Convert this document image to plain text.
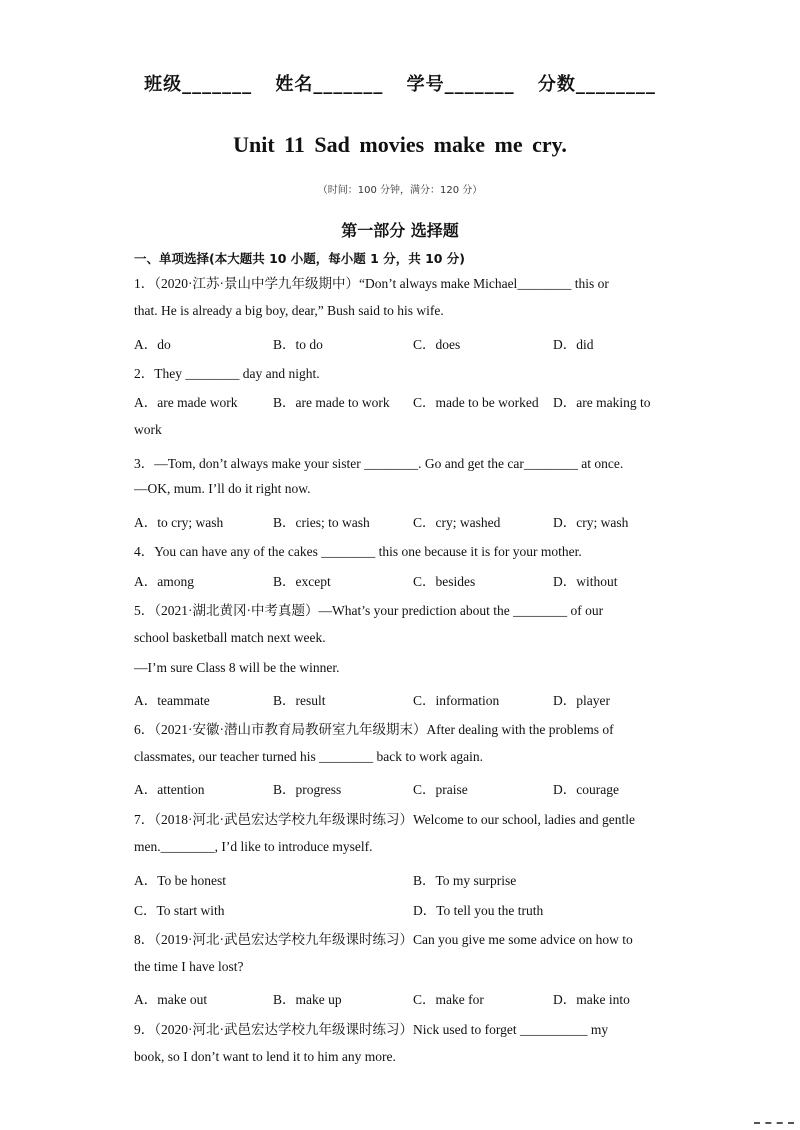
班级_______ 姓名_______ 学号_______ 分数________
Unit 11 Sad movies make me cry.
（时间：100 分钟，满分：120 分）
第一部分 选择题
一、单项选择(本大题共 10 小题，每小题 1 分，共 10 分)
1．（2020·江苏·景山中学九年级期中）“Don’t always make Michael________ this or
that. He is already a big boy, dear,” Bush said to his wife.
A．do	B．to do	C．does	D．did
2．They ________ day and night.
A．are made work	B．are made to work C．made to be worked D．are making to
work
3．—Tom, don’t always make your sister ________. Go and get the car________ at once.
—OK, mum. I’ll do it right now.
A．to cry; wash	B．cries; to wash	C．cry; washed	D．cry; wash
4．You can have any of the cakes ________ this one because it is for your mother.
A．among	B．except	C．besides	D．without
5．（2021·湖北黄冈·中考真题）—What’s your prediction about the ________ of our
school basketball match next week.
—I’m sure Class 8 will be the winner.
A．teammate	B．result	C．information	D．player
6．（2021·安徽·潜山市教育局教研室九年级期末）After dealing with the problems of
classmates, our teacher turned his ________ back to work again.
A．attention	B．progress	C．praise	D．courage
7．（2018·河北·武邑宏达学校九年级课时练习）Welcome to our school, ladies and gentle
men.________, I’d like to introduce myself.
A．To be honest	B．To my surprise
C．To start with	D．To tell you the truth
8．（2019·河北·武邑宏达学校九年级课时练习）Can you give me some advice on how to
the time I have lost?
A．make out	B．make up	C．make for	D．make into
9．（2020·河北·武邑宏达学校九年级课时练习）Nick used to forget __________ my
book, so I don’t want to lend it to him any more.
